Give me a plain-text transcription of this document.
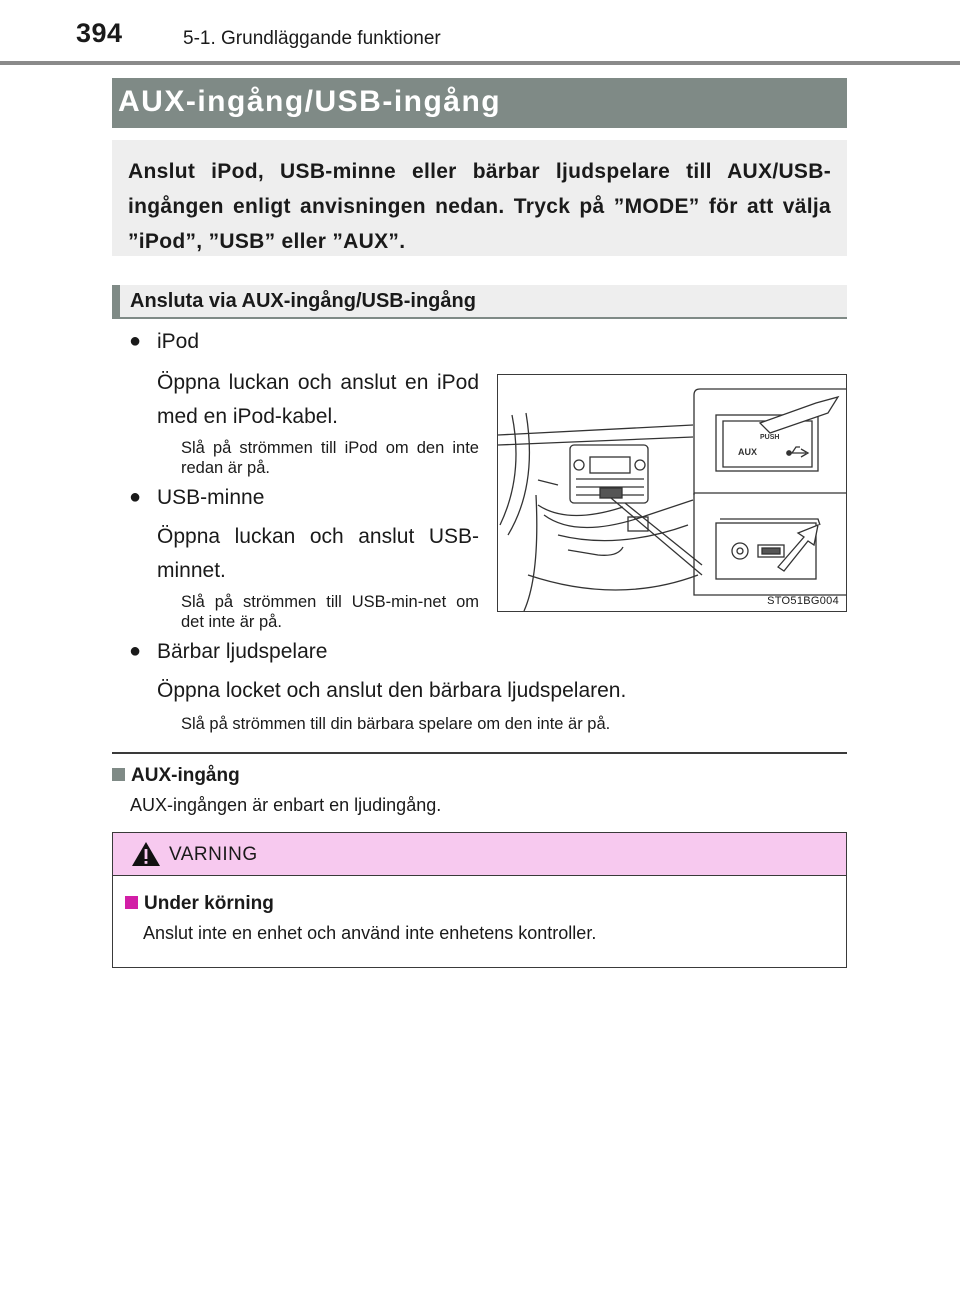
394	5-1. Grundläggande funktioner
AUX-ingång/USB-ingång
Anslut iPod, USB-minne eller bärbar ljudspelare till AUX/USB-ingången enligt anvisningen nedan. Tryck på ”MODE” för att välja ”iPod”, ”USB” eller ”AUX”.
Ansluta via AUX-ingång/USB-ingång
● iPod
Öppna luckan och anslut en iPod med en iPod-kabel.
Slå på strömmen till iPod om den inte redan är på.
● USB-minne
Öppna luckan och anslut USB-minnet.
Slå på strömmen till USB-min-net om det inte är på.
● Bärbar ljudspelare
Öppna locket och anslut den bärbara ljudspelaren.
Slå på strömmen till din bärbara spelare om den inte är på.
PUSH
AUX
STO51BG004
AUX-ingång
AUX-ingången är enbart en ljudingång.
VARNING
Under körning
Anslut inte en enhet och använd inte enhetens kontroller.
